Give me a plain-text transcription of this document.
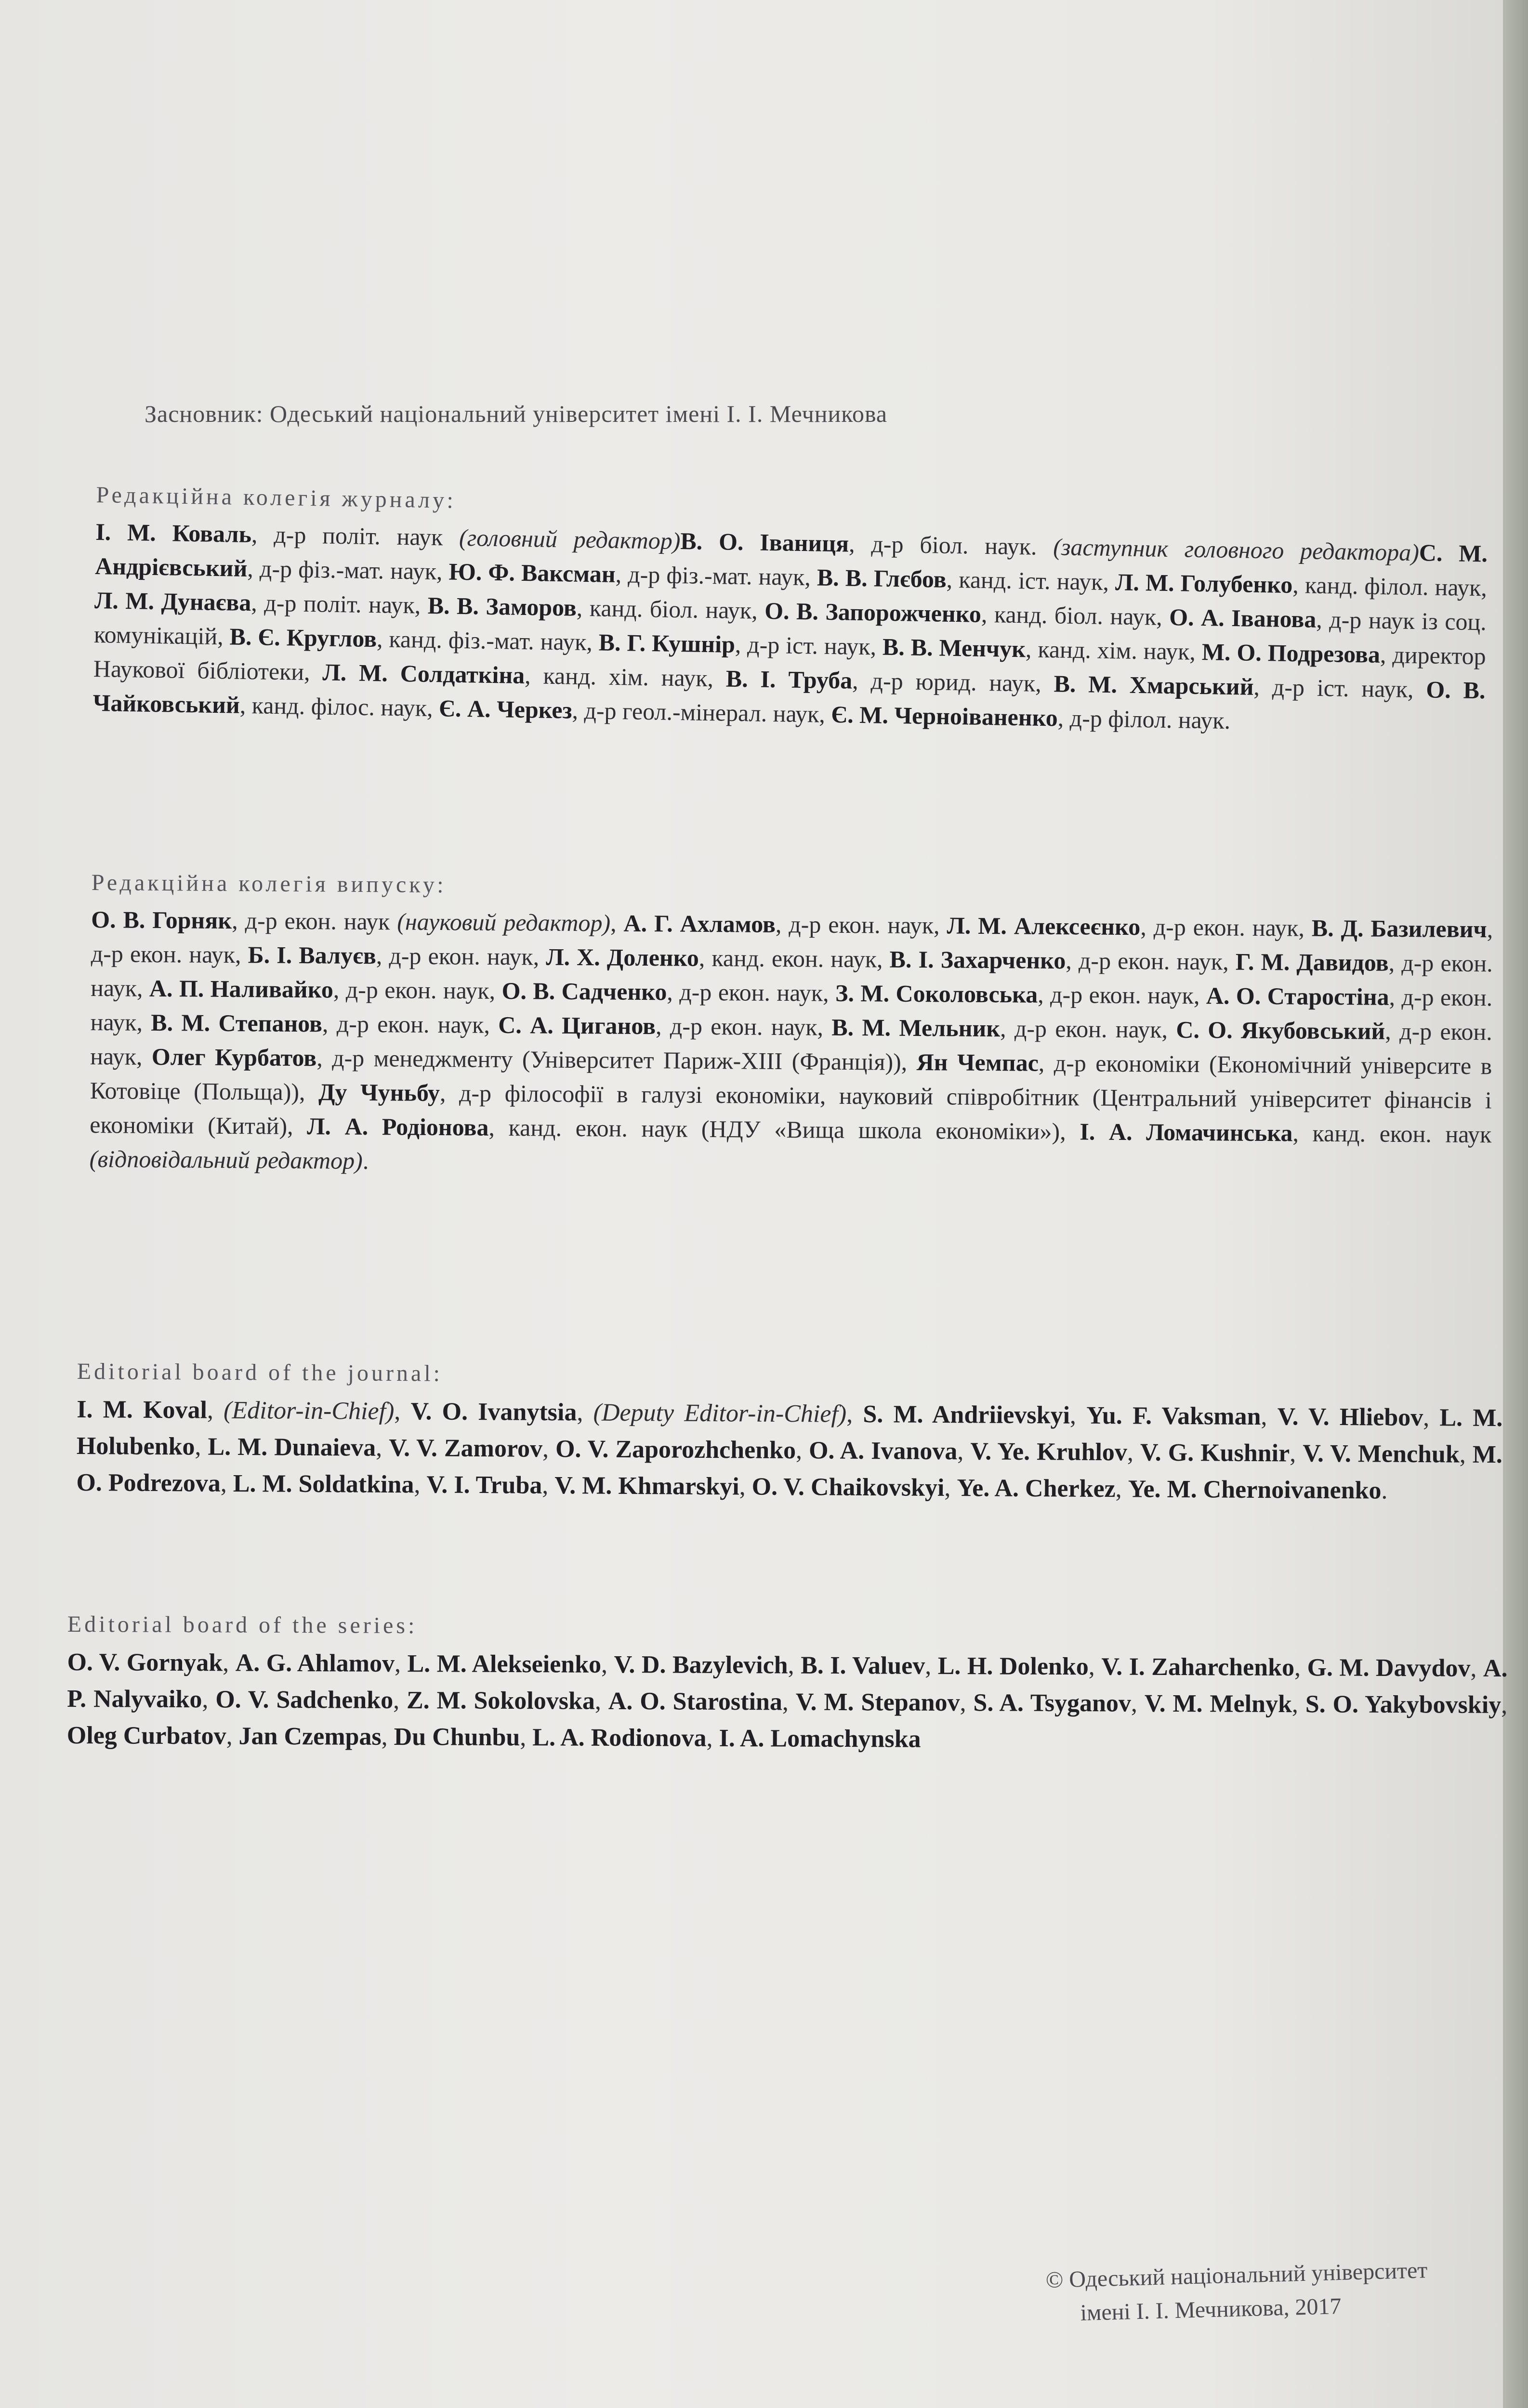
Засновник: Одеський національний університет імені І. І. Мечникова
Редакційна колегія журналу:
І. М. Коваль, д-р політ. наук (головний редактор)В. О. Іваниця, д-р біол. наук. (заступник головного редактора)С. М. Андрієвський, д-р фіз.-мат. наук, Ю. Ф. Ваксман, д-р фіз.-мат. наук, В. В. Глєбов, канд. іст. наук, Л. М. Голубенко, канд. філол. наук, Л. М. Дунаєва, д-р політ. наук, В. В. Заморов, канд. біол. наук, О. В. Запорожченко, канд. біол. наук, О. А. Іванова, д-р наук із соц. комунікацій, В. Є. Круглов, канд. фіз.-мат. наук, В. Г. Кушнір, д-р іст. наук, В. В. Менчук, канд. хім. наук, М. О. Подрезова, директор Наукової бібліотеки, Л. М. Солдаткіна, канд. хім. наук, В. І. Труба, д-р юрид. наук, В. М. Хмарський, д-р іст. наук, О. В. Чайковський, канд. філос. наук, Є. А. Черкез, д-р геол.-мінерал. наук, Є. М. Черноіваненко, д-р філол. наук.
Редакційна колегія випуску:
О. В. Горняк, д-р екон. наук (науковий редактор), А. Г. Ахламов, д-р екон. наук, Л. М. Алексеєнко, д-р екон. наук, В. Д. Базилевич, д-р екон. наук, Б. І. Валуєв, д-р екон. наук, Л. Х. Доленко, канд. екон. наук, В. І. Захарченко, д-р екон. наук, Г. М. Давидов, д-р екон. наук, А. П. Наливайко, д-р екон. наук, О. В. Садченко, д-р екон. наук, З. М. Соколовська, д-р екон. наук, А. О. Старостіна, д-р екон. наук, В. М. Степанов, д-р екон. наук, С. А. Циганов, д-р екон. наук, В. М. Мельник, д-р екон. наук, С. О. Якубовський, д-р екон. наук, Олег Курбатов, д-р менеджменту (Університет Париж-XIII (Франція)), Ян Чемпас, д-р економіки (Економічний університе в Котовіце (Польща)), Ду Чуньбу, д-р філософії в галузі економіки, науковий співробітник (Центральний університет фінансів і економіки (Китай), Л. А. Родіонова, канд. екон. наук (НДУ «Вища школа економіки»), І. А. Ломачинська, канд. екон. наук (відповідальний редактор).
Editorial board of the journal:
I. M. Koval, (Editor-in-Chief), V. O. Ivanytsia, (Deputy Editor-in-Chief), S. M. Andriievskyi, Yu. F. Vaksman, V. V. Hliebov, L. M. Holubenko, L. M. Dunaieva, V. V. Zamorov, O. V. Zaporozhchenko, O. A. Ivanova, V. Ye. Kruhlov, V. G. Kushnir, V. V. Menchuk, M. O. Podrezova, L. M. Soldatkina, V. I. Truba, V. M. Khmarskyi, O. V. Chaikovskyi, Ye. A. Cherkez, Ye. M. Chernoivanenko.
Editorial board of the series:
O. V. Gornyak, A. G. Ahlamov, L. M. Alekseienko, V. D. Bazylevich, B. I. Valuev, L. H. Dolenko, V. I. Zaharchenko, G. M. Davydov, A. P. Nalyvaiko, O. V. Sadchenko, Z. M. Sokolovska, A. O. Starostina, V. M. Stepanov, S. A. Tsyganov, V. M. Melnyk, S. O. Yakybovskiy, Oleg Curbatov, Jan Czempas, Du Chunbu, L. A. Rodionova, I. A. Lomachynska
© Одеський національний університет
імені І. І. Мечникова, 2017
